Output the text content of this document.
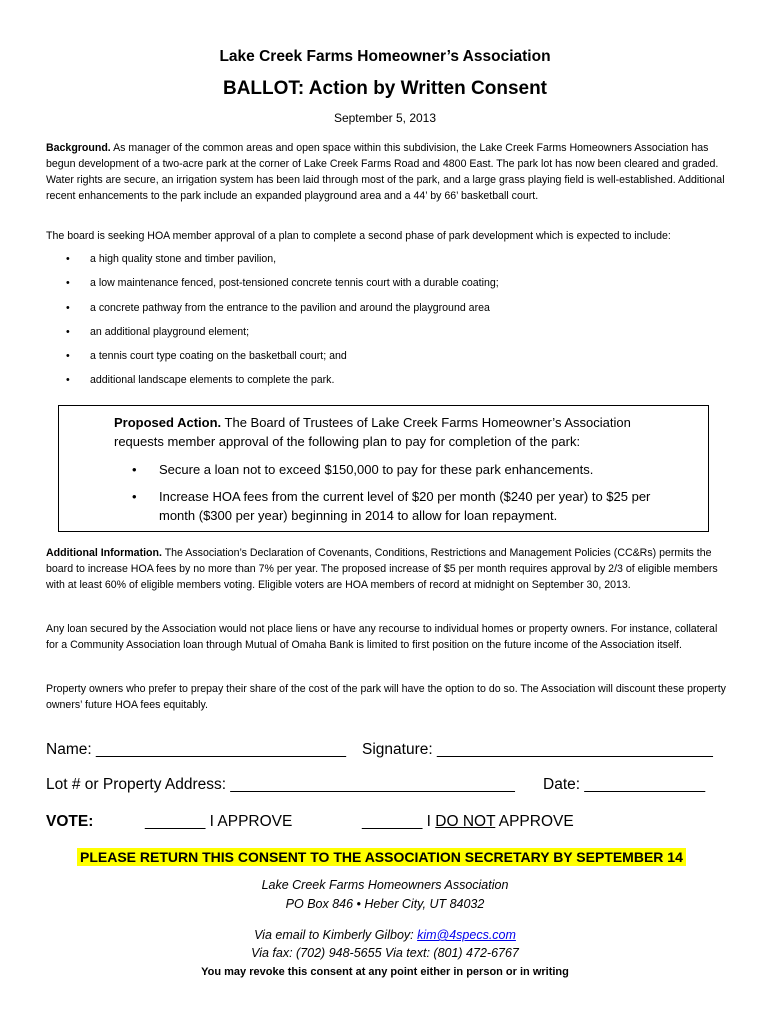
Lake Creek Farms Homeowner’s Association
BALLOT: Action by Written Consent
September 5, 2013
Background. As manager of the common areas and open space within this subdivision, the Lake Creek Farms Homeowners Association has begun development of a two-acre park at the corner of Lake Creek Farms Road and 4800 East. The park lot has now been cleared and graded. Water rights are secure, an irrigation system has been laid through most of the park, and a large grass playing field is well-established. Additional recent enhancements to the park include an expanded playground area and a 44’ by 66’ basketball court.
The board is seeking HOA member approval of a plan to complete a second phase of park development which is expected to include:
• a high quality stone and timber pavilion,
• a low maintenance fenced, post-tensioned concrete tennis court with a durable coating;
• a concrete pathway from the entrance to the pavilion and around the playground area
• an additional playground element;
• a tennis court type coating on the basketball court; and
• additional landscape elements to complete the park.
Proposed Action. The Board of Trustees of Lake Creek Farms Homeowner’s Association requests member approval of the following plan to pay for completion of the park:
• Secure a loan not to exceed $150,000 to pay for these park enhancements.
• Increase HOA fees from the current level of $20 per month ($240 per year) to $25 per month ($300 per year) beginning in 2014 to allow for loan repayment.
Additional Information. The Association’s Declaration of Covenants, Conditions, Restrictions and Management Policies (CC&Rs) permits the board to increase HOA fees by no more than 7% per year. The proposed increase of $5 per month requires approval by 2/3 of eligible members with at least 60% of eligible members voting. Eligible voters are HOA members of record at midnight on September 30, 2013.
Any loan secured by the Association would not place liens or have any recourse to individual homes or property owners. For instance, collateral for a Community Association loan through Mutual of Omaha Bank is limited to first position on the future income of the Association itself.
Property owners who prefer to prepay their share of the cost of the park will have the option to do so. The Association will discount these property owners’ future HOA fees equitably.
Name: _____________________________ Signature: ________________________________
Lot # or Property Address: _________________________________ Date: ______________
VOTE:	_______ I APPROVE	_______ I DO NOT APPROVE
PLEASE RETURN THIS CONSENT TO THE ASSOCIATION SECRETARY BY SEPTEMBER 14
Lake Creek Farms Homeowners Association
PO Box 846 • Heber City, UT 84032
Via email to Kimberly Gilboy: kim@4specs.com
Via fax: (702) 948-5655 Via text: (801) 472-6767
You may revoke this consent at any point either in person or in writing
